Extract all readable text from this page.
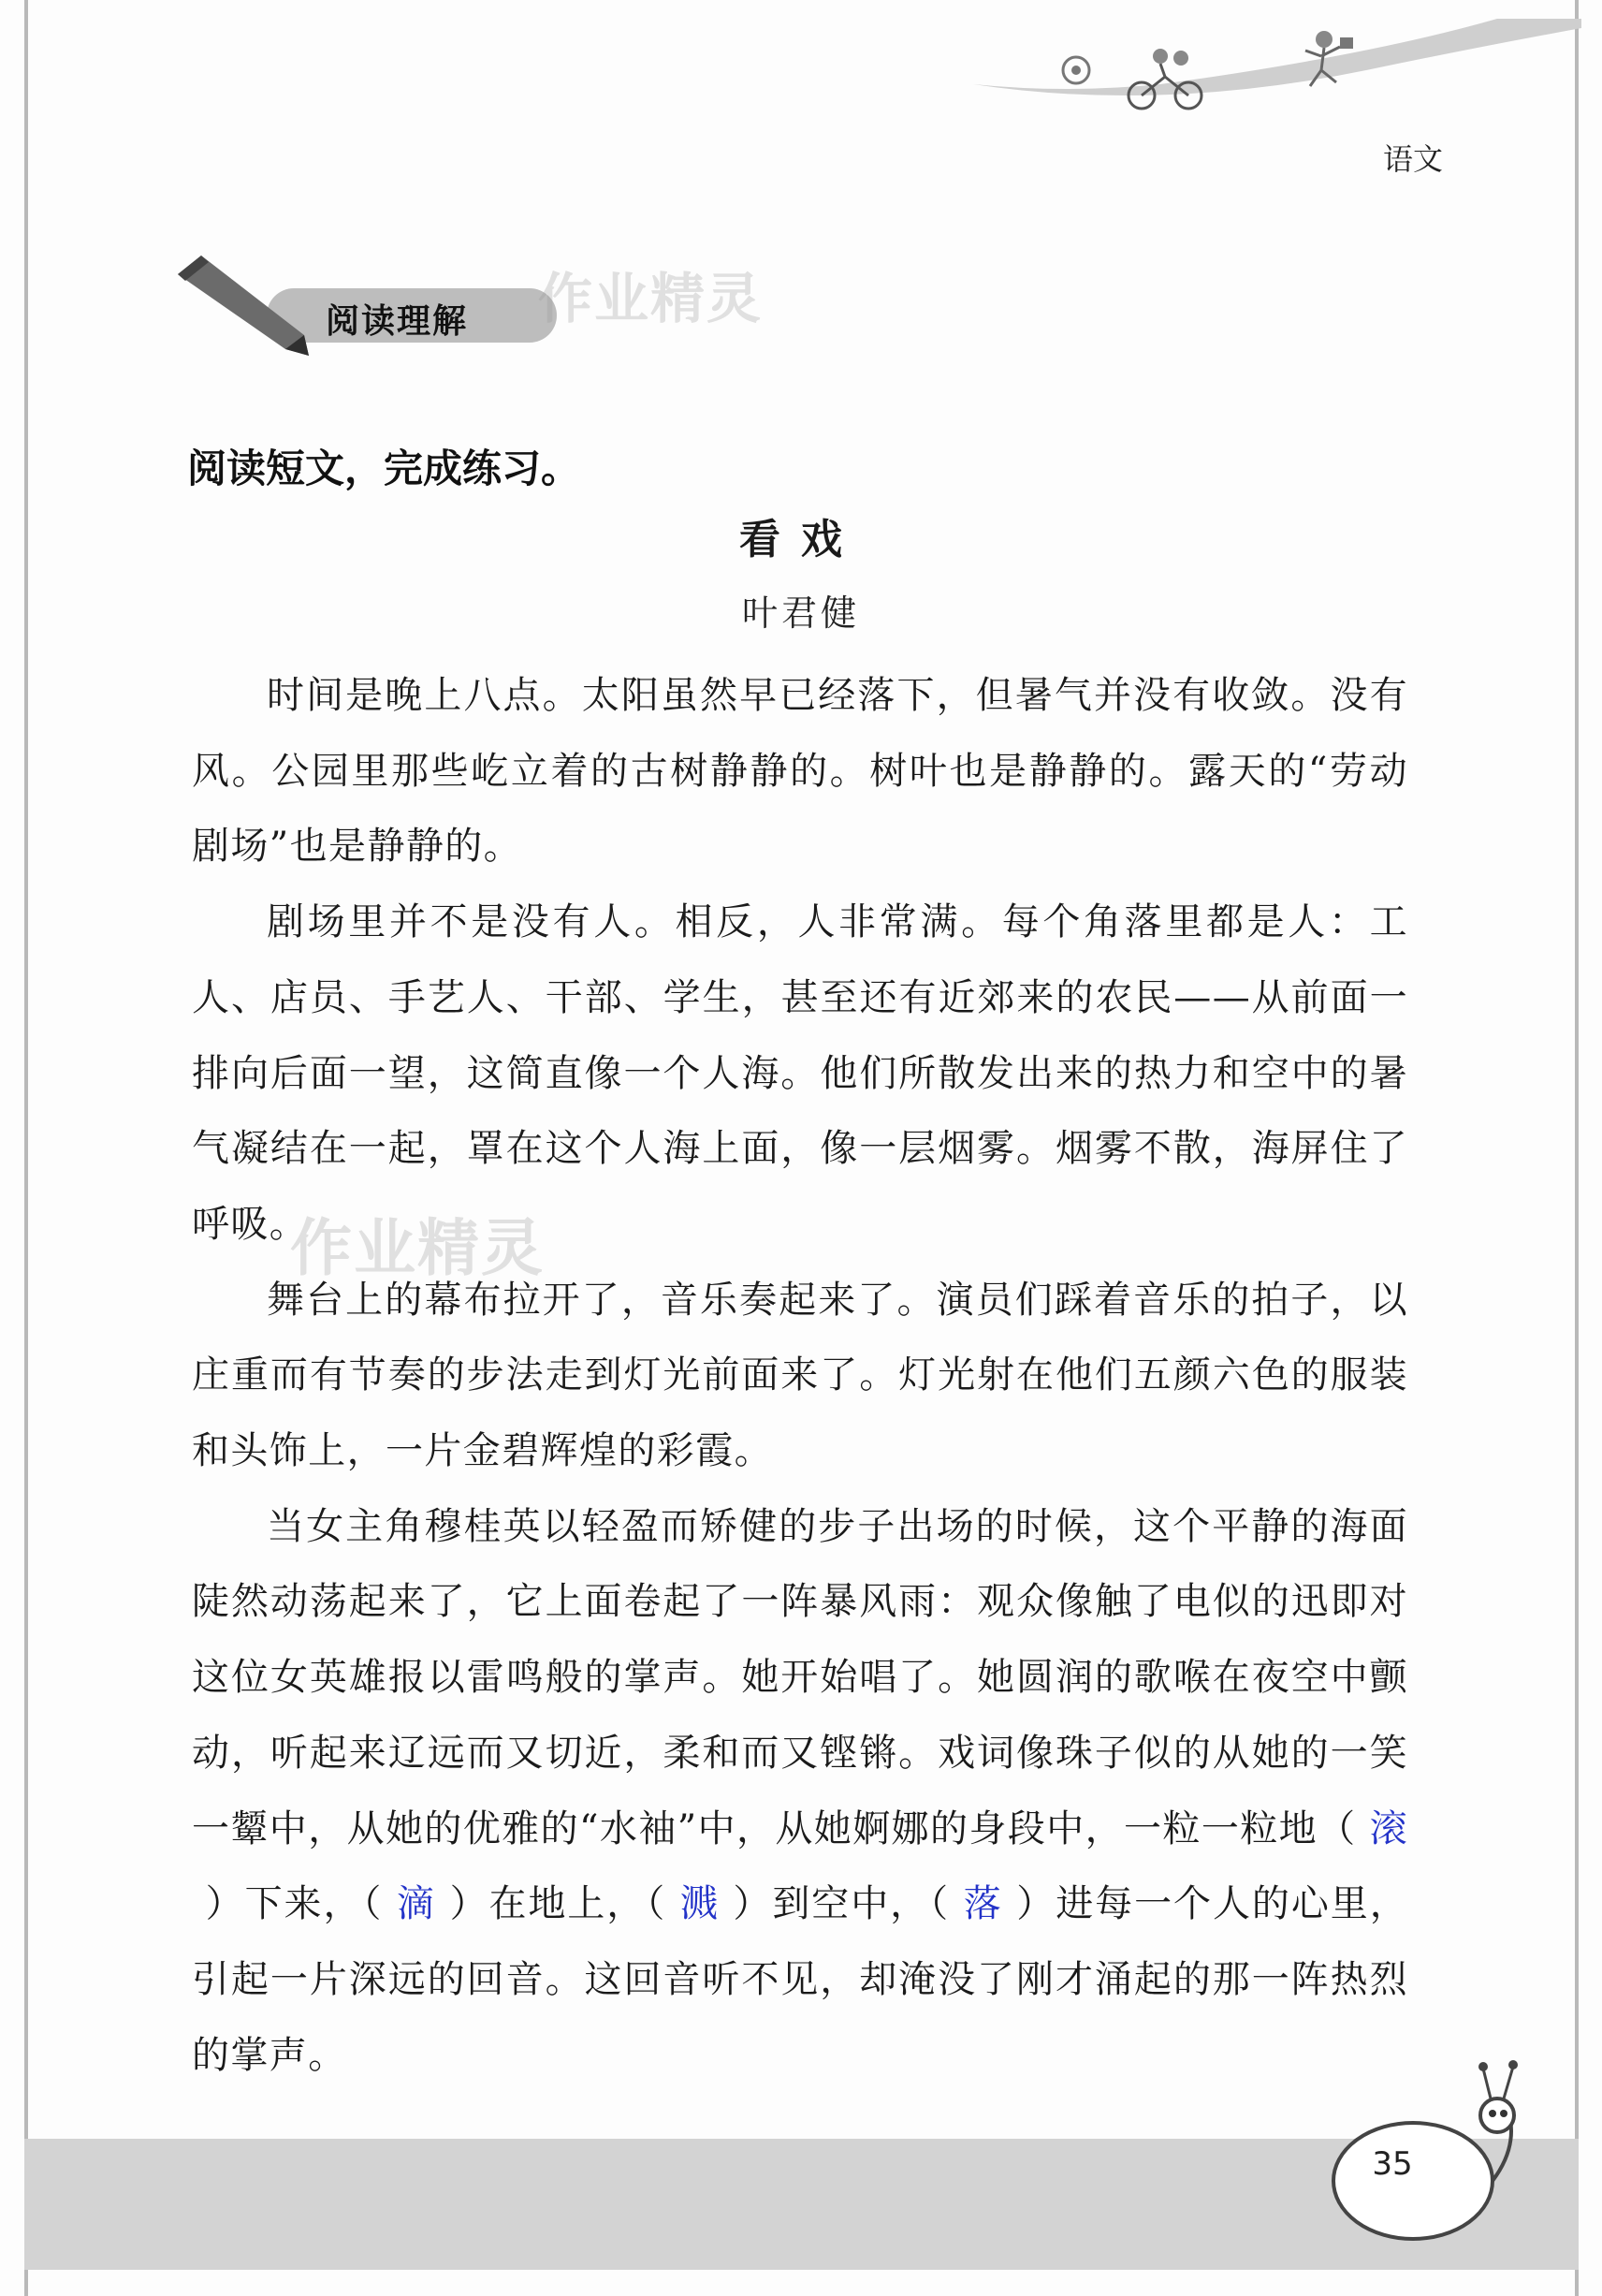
语文
阅读理解 作业精灵
作业精灵
阅读短文，完成练习。
看戏
叶君健

时间是晚上八点。太阳虽然早已经落下，但暑气并没有收敛。没有风。公园里那些屹立着的古树静静的。树叶也是静静的。露天的“劳动剧场”也是静静的。

剧场里并不是没有人。相反，人非常满。每个角落里都是人：工人、店员、手艺人、干部、学生，甚至还有近郊来的农民——从前面一排向后面一望，这简直像一个人海。他们所散发出来的热力和空中的暑气凝结在一起，罩在这个人海上面，像一层烟雾。烟雾不散，海屏住了呼吸。

舞台上的幕布拉开了，音乐奏起来了。演员们踩着音乐的拍子，以庄重而有节奏的步法走到灯光前面来了。灯光射在他们五颜六色的服装和头饰上，一片金碧辉煌的彩霞。

当女主角穆桂英以轻盈而矫健的步子出场的时候，这个平静的海面陡然动荡起来了，它上面卷起了一阵暴风雨：观众像触了电似的迅即对这位女英雄报以雷鸣般的掌声。她开始唱了。她圆润的歌喉在夜空中颤动，听起来辽远而又切近，柔和而又铿锵。戏词像珠子似的从她的一笑一颦中，从她的优雅的“水袖”中，从她婀娜的身段中，一粒一粒地（ 滚 ）下来，（ 滴 ）在地上，（ 溅 ）到空中，（ 落 ）进每一个人的心里，引起一片深远的回音。这回音听不见，却淹没了刚才涌起的那一阵热烈的掌声。

35
